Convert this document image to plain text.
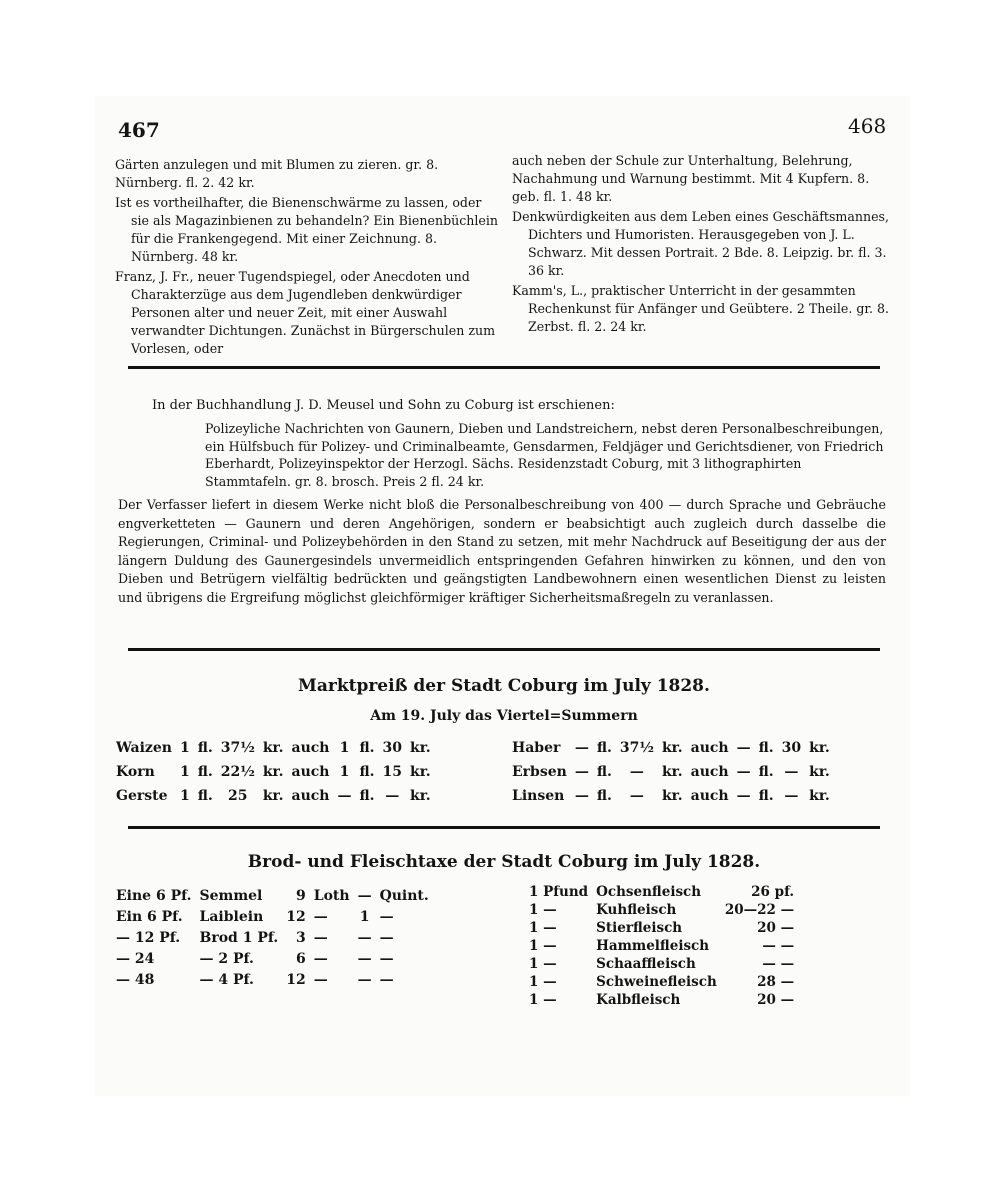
467	468
Gärten anzulegen und mit Blumen zu zieren. gr. 8. Nürnberg. fl. 2. 42 kr.
Ist es vortheilhafter, die Bienenschwärme zu lassen, oder sie als Magazinbienen zu behandeln? Ein Bienenbüchlein für die Frankengegend. Mit einer Zeichnung. 8. Nürnberg. 48 kr.
Franz, J. Fr., neuer Tugendspiegel, oder Anecdoten und Charakterzüge aus dem Jugendleben denkwürdiger Personen alter und neuer Zeit, mit einer Auswahl verwandter Dichtungen. Zunächst in Bürgerschulen zum Vorlesen, oder
auch neben der Schule zur Unterhaltung, Belehrung, Nachahmung und Warnung bestimmt. Mit 4 Kupfern. 8. geb. fl. 1. 48 kr.
Denkwürdigkeiten aus dem Leben eines Geschäftsmannes, Dichters und Humoristen. Herausgegeben von J. L. Schwarz. Mit dessen Portrait. 2 Bde. 8. Leipzig. br. fl. 3. 36 kr.
Kamm's, L., praktischer Unterricht in der gesammten Rechenkunst für Anfänger und Geübtere. 2 Theile. gr. 8. Zerbst. fl. 2. 24 kr.
In der Buchhandlung J. D. Meusel und Sohn zu Coburg ist erschienen:
Polizeyliche Nachrichten von Gaunern, Dieben und Landstreichern, nebst deren Personalbeschreibungen, ein Hülfsbuch für Polizey- und Criminalbeamte, Gensdarmen, Feldjäger und Gerichtsdiener, von Friedrich Eberhardt, Polizeyinspektor der Herzogl. Sächs. Residenzstadt Coburg, mit 3 lithographirten Stammtafeln. gr. 8. brosch. Preis 2 fl. 24 kr.
Der Verfasser liefert in diesem Werke nicht bloß die Personalbeschreibung von 400 — durch Sprache und Gebräuche engverketteten — Gaunern und deren Angehörigen, sondern er beabsichtigt auch zugleich durch dasselbe die Regierungen, Criminal- und Polizeybehörden in den Stand zu setzen, mit mehr Nachdruck auf Beseitigung der aus der längern Duldung des Gaunergesindels unvermeidlich entspringenden Gefahren hinwirken zu können, und den von Dieben und Betrügern vielfältig bedrückten und geängstigten Landbewohnern einen wesentlichen Dienst zu leisten und übrigens die Ergreifung möglichst gleichförmiger kräftiger Sicherheitsmaßregeln zu veranlassen.
Marktpreiß der Stadt Coburg im July 1828.
Am 19. July das Viertel=Summern
Waizen	1	fl.	37½	kr.	auch	1	fl.	30	kr.
Korn	1	fl.	22½	kr.	auch	1	fl.	15	kr.
Gerste	1	fl.	25	kr.	auch	—	fl.	—	kr.
Haber	—	fl.	37½	kr.	auch	—	fl.	30	kr.
Erbsen	—	fl.	—	kr.	auch	—	fl.	—	kr.
Linsen	—	fl.	—	kr.	auch	—	fl.	—	kr.
Brod- und Fleischtaxe der Stadt Coburg im July 1828.
Eine 6 Pf.	Semmel	9	Loth	—	Quint.
Ein 6 Pf.	Laiblein	12	—	1	—
— 12 Pf.	Brod 1 Pf.	3	—	—	—
— 24	— 2 Pf.	6	—	—	—
— 48	— 4 Pf.	12	—	—	—
1 Pfund	Ochsenfleisch	26 pf.
1 —	Kuhfleisch	20—22 —
1 —	Stierfleisch	20 —
1 —	Hammelfleisch	— —
1 —	Schaaffleisch	— —
1 —	Schweinefleisch	28 —
1 —	Kalbfleisch	20 —
